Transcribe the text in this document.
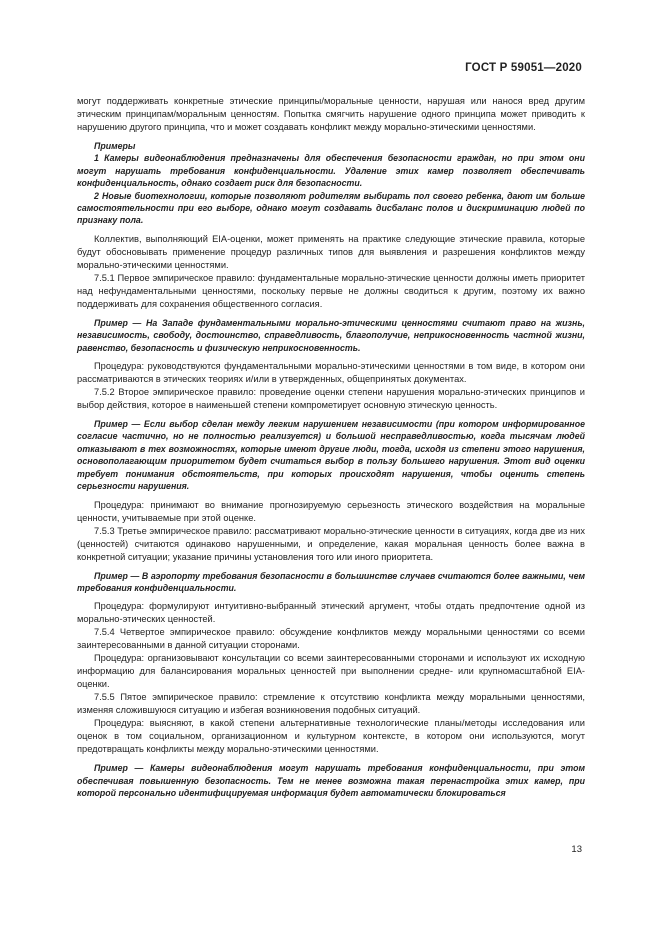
ГОСТ Р 59051—2020

могут поддерживать конкретные этические принципы/моральные ценности, нарушая или нанося вред другим этическим принципам/моральным ценностям. Попытка смягчить нарушение одного принципа может приводить к нарушению другого принципа, что и может создавать конфликт между морально-этическими ценностями.

Примеры

1 Камеры видеонаблюдения предназначены для обеспечения безопасности граждан, но при этом они могут нарушать требования конфиденциальности. Удаление этих камер позволяет обеспечивать конфиденциальность, однако создает риск для безопасности.

2 Новые биотехнологии, которые позволяют родителям выбирать пол своего ребенка, дают им больше самостоятельности при его выборе, однако могут создавать дисбаланс полов и дискриминацию людей по признаку пола.

Коллектив, выполняющий EIA-оценки, может применять на практике следующие этические правила, которые будут обосновывать применение процедур различных типов для выявления и разрешения конфликтов между морально-этическими ценностями.

7.5.1 Первое эмпирическое правило: фундаментальные морально-этические ценности должны иметь приоритет над нефундаментальными ценностями, поскольку первые не должны сводиться к другим, поэтому их важно поддерживать для сохранения общественного согласия.

Пример — На Западе фундаментальными морально-этическими ценностями считают право на жизнь, независимость, свободу, достоинство, справедливость, благополучие, неприкосновенность частной жизни, равенство, безопасность и физическую неприкосновенность.

Процедура: руководствуются фундаментальными морально-этическими ценностями в том виде, в котором они рассматриваются в этических теориях и/или в утвержденных, общепринятых документах.

7.5.2 Второе эмпирическое правило: проведение оценки степени нарушения морально-этических принципов и выбор действия, которое в наименьшей степени компрометирует основную этическую ценность.

Пример — Если выбор сделан между легким нарушением независимости (при котором информированное согласие частично, но не полностью реализуется) и большой несправедливостью, когда тысячам людей отказывают в тех возможностях, которые имеют другие люди, тогда, исходя из степени этого нарушения, основополагающим приоритетом будет считаться выбор в пользу большего нарушения. Этот вид оценки требует понимания обстоятельств, при которых происходят нарушения, чтобы оценить степень серьезности нарушения.

Процедура: принимают во внимание прогнозируемую серьезность этического воздействия на моральные ценности, учитываемые при этой оценке.

7.5.3 Третье эмпирическое правило: рассматривают морально-этические ценности в ситуациях, когда две из них (ценностей) считаются одинаково нарушенными, и определение, какая моральная ценность более важна в конкретной ситуации; указание причины установления того или иного приоритета.

Пример — В аэропорту требования безопасности в большинстве случаев считаются более важными, чем требования конфиденциальности.

Процедура: формулируют интуитивно-выбранный этический аргумент, чтобы отдать предпочтение одной из морально-этических ценностей.

7.5.4 Четвертое эмпирическое правило: обсуждение конфликтов между моральными ценностями со всеми заинтересованными в данной ситуации сторонами.

Процедура: организовывают консультации со всеми заинтересованными сторонами и используют их исходную информацию для балансирования моральных ценностей при выполнении средне- или крупномасштабной EIA-оценки.

7.5.5 Пятое эмпирическое правило: стремление к отсутствию конфликта между моральными ценностями, изменяя сложившуюся ситуацию и избегая возникновения подобных ситуаций.

Процедура: выясняют, в какой степени альтернативные технологические планы/методы исследования или оценок в том социальном, организационном и культурном контексте, в котором они используются, могут предотвращать конфликты между морально-этическими ценностями.

Пример — Камеры видеонаблюдения могут нарушать требования конфиденциальности, при этом обеспечивая повышенную безопасность. Тем не менее возможна такая перенастройка этих камер, при которой персонально идентифицируемая информация будет автоматически блокироваться

13
